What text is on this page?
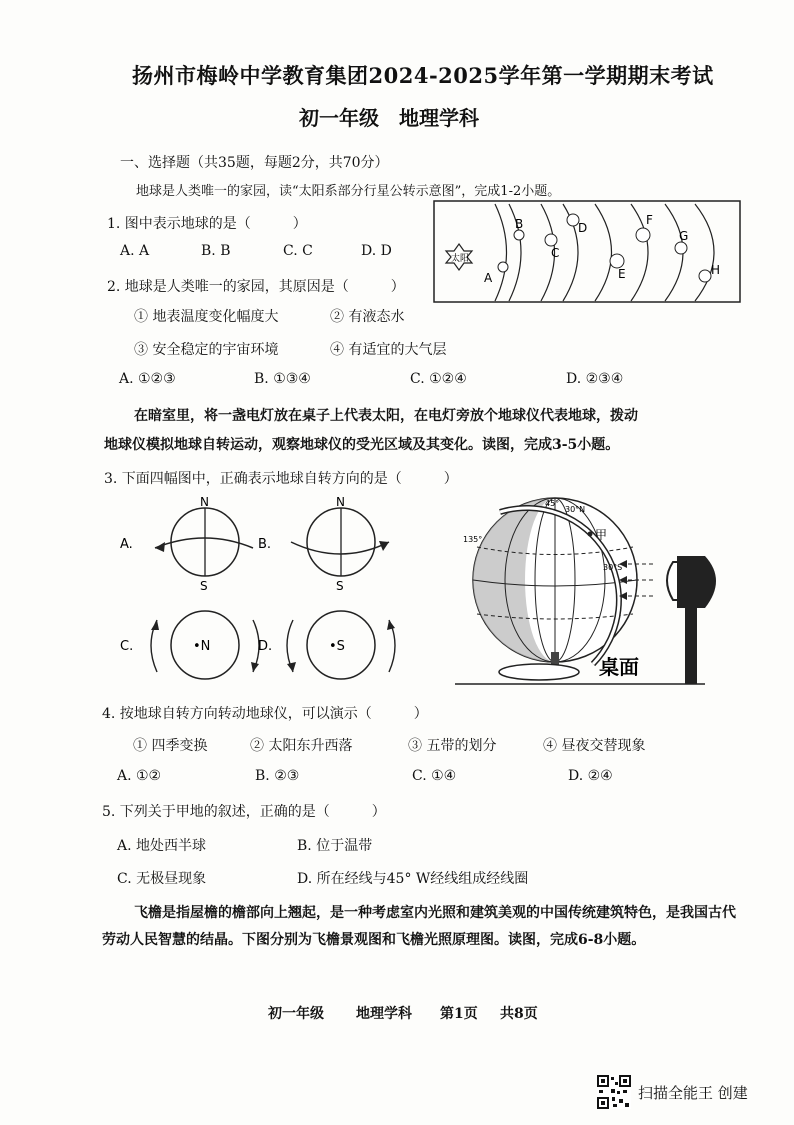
扬州市梅岭中学教育集团2024-2025学年第一学期期末考试
初一年级　地理学科
一、选择题（共35题，每题2分，共70分）
地球是人类唯一的家园，读“太阳系部分行星公转示意图”，完成1-2小题。
1. 图中表示地球的是（　　　）
A. A	B. B	C. C	D. D	太阳
A
B
C
D
E
F
G
H
2. 地球是人类唯一的家园，其原因是（　　　）
① 地表温度变化幅度大	② 有液态水
③ 安全稳定的宇宙环境	④ 有适宜的大气层
A. ①②③	B. ①③④	C. ①②④	D. ②③④
在暗室里，将一盏电灯放在桌子上代表太阳，在电灯旁放个地球仪代表地球，拨动
地球仪模拟地球自转运动，观察地球仪的受光区域及其变化。读图，完成3-5小题。
3. 下面四幅图中，正确表示地球自转方向的是（　　　）
A.
N
S
B.
N
S
C.	•N	D.	•S
45°
30°N
30°S
135°	甲
桌面
4. 按地球自转方向转动地球仪，可以演示（　　　）
① 四季变换	② 太阳东升西落	③ 五带的划分	④ 昼夜交替现象
A. ①②	B. ②③	C. ①④	D. ②④
5. 下列关于甲地的叙述，正确的是（　　　）
A. 地处西半球	B. 位于温带
C. 无极昼现象	D. 所在经线与45° W经线组成经线圈
飞檐是指屋檐的檐部向上翘起，是一种考虑室内光照和建筑美观的中国传统建筑特色，是我国古代劳动人民智慧的结晶。下图分别为飞檐景观图和飞檐光照原理图。读图，完成6-8小题。
初一年级 地理学科 第1页 共8页
扫描全能王 创建
